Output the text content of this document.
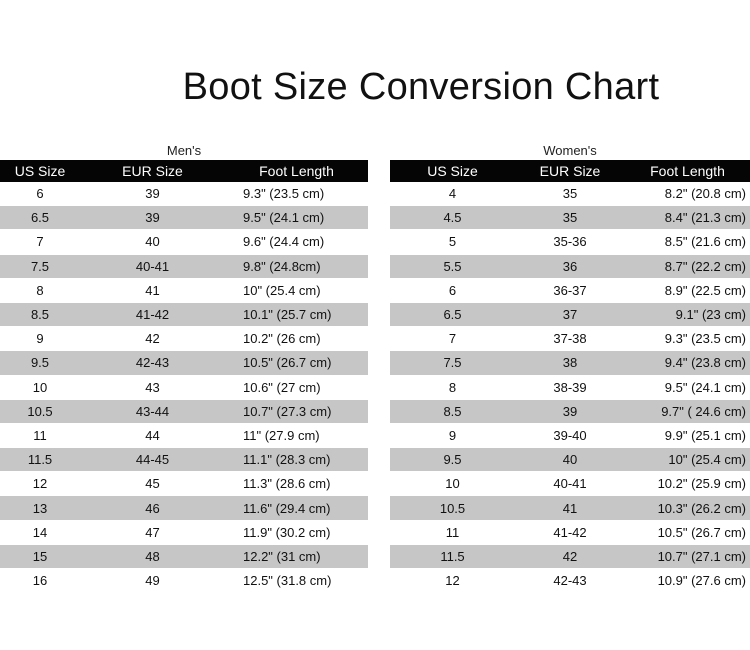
Boot Size Conversion Chart
Men's
US Size	EUR Size	Foot Length
6	39	9.3" (23.5 cm)
6.5	39	9.5" (24.1 cm)
7	40	9.6" (24.4 cm)
7.5	40-41	9.8" (24.8cm)
8	41	10" (25.4 cm)
8.5	41-42	10.1" (25.7 cm)
9	42	10.2" (26 cm)
9.5	42-43	10.5" (26.7 cm)
10	43	10.6" (27 cm)
10.5	43-44	10.7" (27.3 cm)
11	44	11" (27.9 cm)
11.5	44-45	11.1" (28.3 cm)
12	45	11.3" (28.6 cm)
13	46	11.6" (29.4 cm)
14	47	11.9" (30.2 cm)
15	48	12.2" (31 cm)
16	49	12.5" (31.8 cm)
Women's
US Size	EUR Size	Foot Length
4	35	8.2" (20.8 cm)
4.5	35	8.4" (21.3 cm)
5	35-36	8.5" (21.6 cm)
5.5	36	8.7" (22.2 cm)
6	36-37	8.9" (22.5 cm)
6.5	37	9.1" (23 cm)
7	37-38	9.3" (23.5 cm)
7.5	38	9.4" (23.8 cm)
8	38-39	9.5" (24.1 cm)
8.5	39	9.7" ( 24.6 cm)
9	39-40	9.9" (25.1 cm)
9.5	40	10" (25.4 cm)
10	40-41	10.2" (25.9 cm)
10.5	41	10.3" (26.2 cm)
11	41-42	10.5" (26.7 cm)
11.5	42	10.7" (27.1 cm)
12	42-43	10.9" (27.6 cm)
